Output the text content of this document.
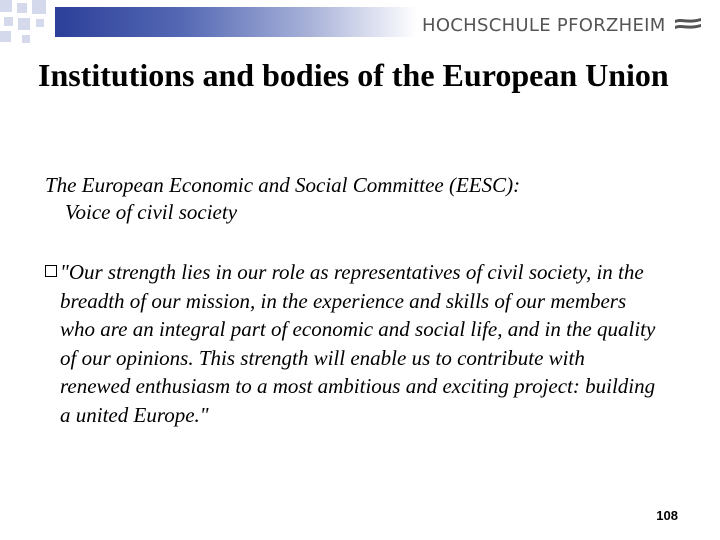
HOCHSCHULE PFORZHEIM
Institutions and bodies of the European Union
The European Economic and Social Committee (EESC):
Voice of civil society
"Our strength lies in our role as representatives of civil society, in the breadth of our mission, in the experience and skills of our members who are an integral part of economic and social life, and in the quality of our opinions. This strength will enable us to contribute with renewed enthusiasm to a most ambitious and exciting project: building a united Europe."
108
